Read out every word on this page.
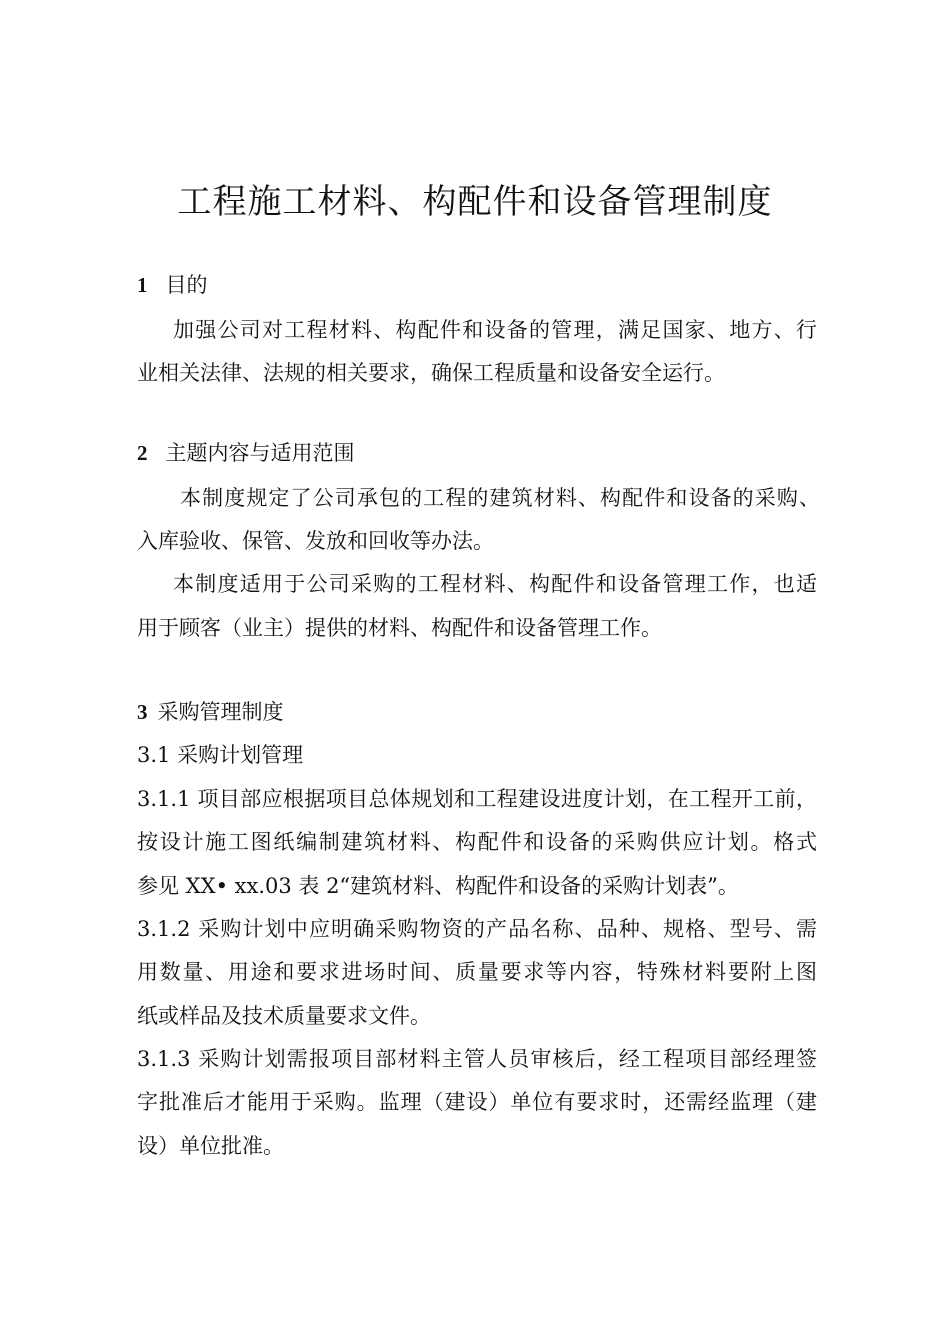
工程施工材料、构配件和设备管理制度

1 目的

加强公司对工程材料、构配件和设备的管理，满足国家、地方、行

业相关法律、法规的相关要求，确保工程质量和设备安全运行。

2 主题内容与适用范围

本制度规定了公司承包的工程的建筑材料、构配件和设备的采购、

入库验收、保管、发放和回收等办法。

本制度适用于公司采购的工程材料、构配件和设备管理工作，也适

用于顾客（业主）提供的材料、构配件和设备管理工作。

3 采购管理制度

3.1 采购计划管理

3.1.1 项目部应根据项目总体规划和工程建设进度计划，在工程开工前，

按设计施工图纸编制建筑材料、构配件和设备的采购供应计划。格式

参见 XX• xx.03 表 2“建筑材料、构配件和设备的采购计划表”。

3.1.2 采购计划中应明确采购物资的产品名称、品种、规格、型号、需

用数量、用途和要求进场时间、质量要求等内容，特殊材料要附上图

纸或样品及技术质量要求文件。

3.1.3 采购计划需报项目部材料主管人员审核后，经工程项目部经理签

字批准后才能用于采购。监理（建设）单位有要求时，还需经监理（建

设）单位批准。
